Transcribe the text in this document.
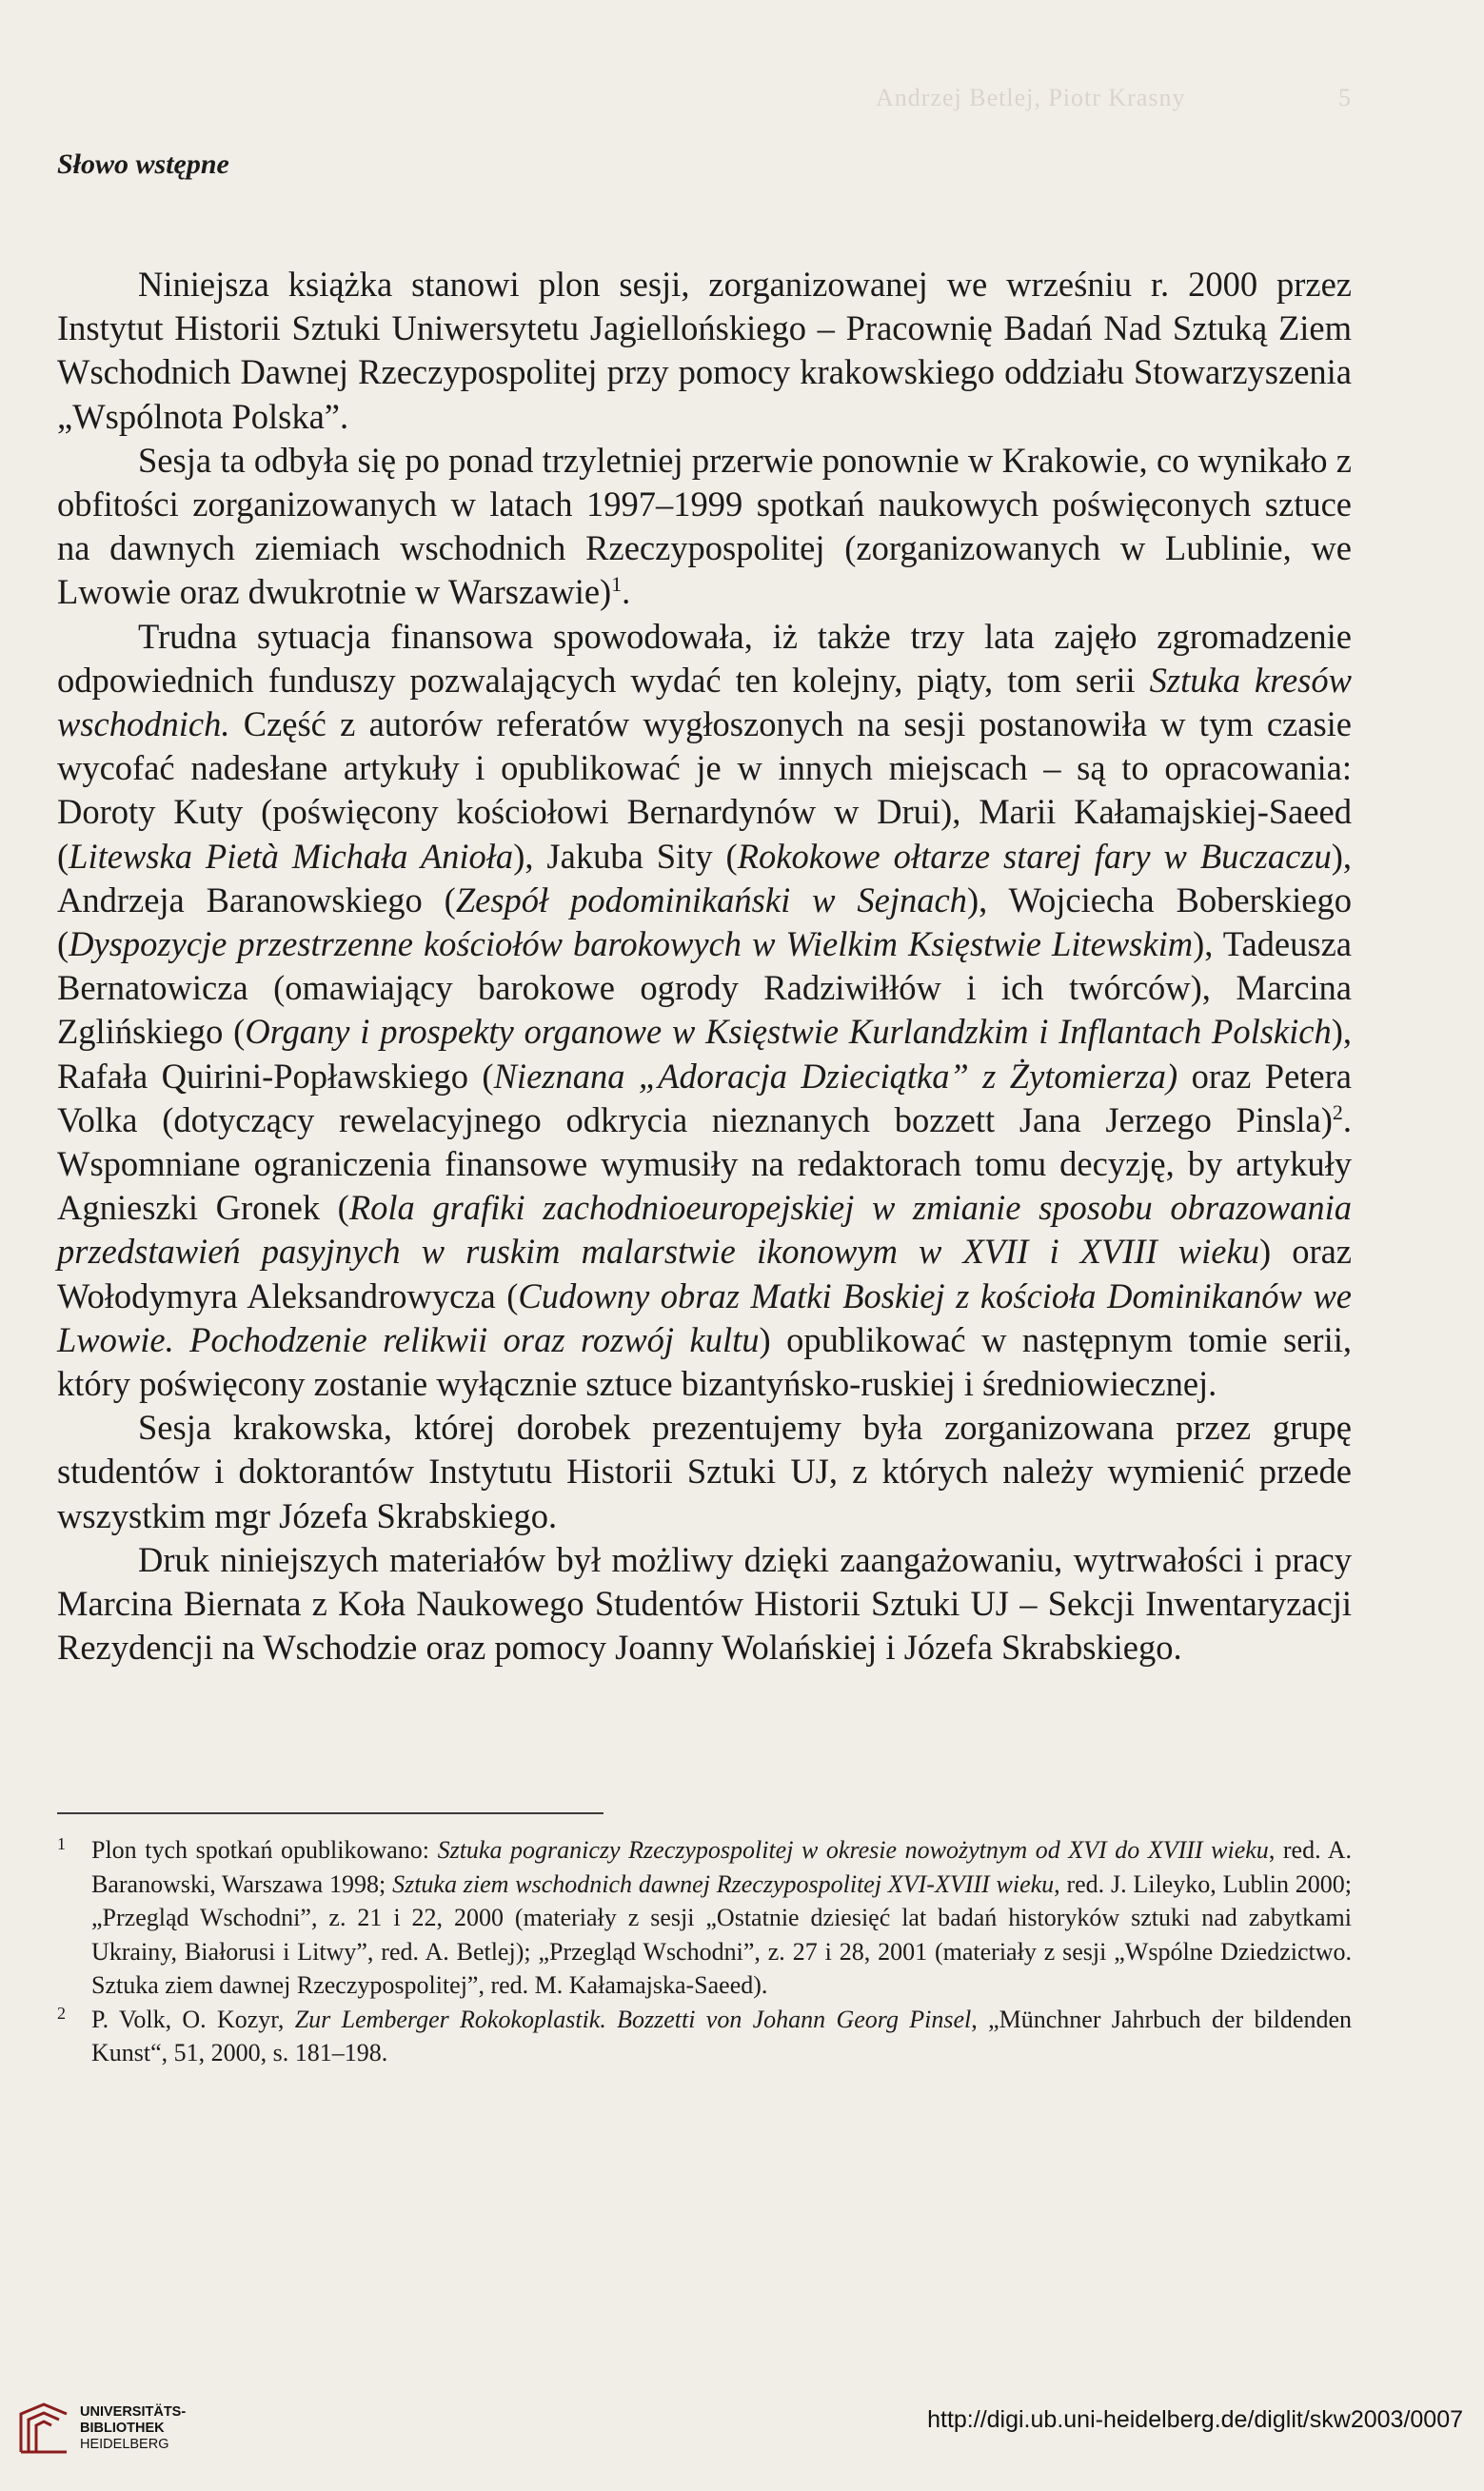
Andrzej Betlej, Piotr Krasny	5
Słowo wstępne

Niniejsza książka stanowi plon sesji, zorganizowanej we wrześniu r. 2000 przez Instytut Historii Sztuki Uniwersytetu Jagiellońskiego – Pracownię Badań Nad Sztuką Ziem Wschodnich Dawnej Rzeczypospolitej przy pomocy krakowskiego oddziału Stowarzyszenia „Wspólnota Polska”.

Sesja ta odbyła się po ponad trzyletniej przerwie ponownie w Krakowie, co wynikało z obfitości zorganizowanych w latach 1997–1999 spotkań naukowych poświęconych sztuce na dawnych ziemiach wschodnich Rzeczypospolitej (zorganizowanych w Lublinie, we Lwowie oraz dwukrotnie w Warszawie)$^1$.

Trudna sytuacja finansowa spowodowała, iż także trzy lata zajęło zgromadzenie odpowiednich funduszy pozwalających wydać ten kolejny, piąty, tom serii Sztuka kresów wschodnich. Część z autorów referatów wygłoszonych na sesji postanowiła w tym czasie wycofać nadesłane artykuły i opublikować je w innych miejscach – są to opracowania: Doroty Kuty (poświęcony kościołowi Bernardynów w Drui), Marii Kałamajskiej-Saeed (Litewska Pietà Michała Anioła), Jakuba Sity (Rokokowe ołtarze starej fary w Buczaczu), Andrzeja Baranowskiego (Zespół podominikański w Sejnach), Wojciecha Boberskiego (Dyspozycje przestrzenne kościołów barokowych w Wielkim Księstwie Litewskim), Tadeusza Bernatowicza (omawiający barokowe ogrody Radziwiłłów i ich twórców), Marcina Zglińskiego (Organy i prospekty organowe w Księstwie Kurlandzkim i Inflantach Polskich), Rafała Quirini-Popławskiego (Nieznana „Adoracja Dzieciątka” z Żytomierza) oraz Petera Volka (dotyczący rewelacyjnego odkrycia nieznanych bozzett Jana Jerzego Pinsla)$^2$. Wspomniane ograniczenia finansowe wymusiły na redaktorach tomu decyzję, by artykuły Agnieszki Gronek (Rola grafiki zachodnioeuropejskiej w zmianie sposobu obrazowania przedstawień pasyjnych w ruskim malarstwie ikonowym w XVII i XVIII wieku) oraz Wołodymyra Aleksandrowycza (Cudowny obraz Matki Boskiej z kościoła Dominikanów we Lwowie. Pochodzenie relikwii oraz rozwój kultu) opublikować w następnym tomie serii, który poświęcony zostanie wyłącznie sztuce bizantyńsko-ruskiej i średniowiecznej.

Sesja krakowska, której dorobek prezentujemy była zorganizowana przez grupę studentów i doktorantów Instytutu Historii Sztuki UJ, z których należy wymienić przede wszystkim mgr Józefa Skrabskiego.

Druk niniejszych materiałów był możliwy dzięki zaangażowaniu, wytrwałości i pracy Marcina Biernata z Koła Naukowego Studentów Historii Sztuki UJ – Sekcji Inwentaryzacji Rezydencji na Wschodzie oraz pomocy Joanny Wolańskiej i Józefa Skrabskiego.

1 Plon tych spotkań opublikowano: Sztuka pograniczy Rzeczypospolitej w okresie nowożytnym od XVI do XVIII wieku, red. A. Baranowski, Warszawa 1998; Sztuka ziem wschodnich dawnej Rzeczypospolitej XVI-XVIII wieku, red. J. Lileyko, Lublin 2000; „Przegląd Wschodni”, z. 21 i 22, 2000 (materiały z sesji „Ostatnie dziesięć lat badań historyków sztuki nad zabytkami Ukrainy, Białorusi i Litwy”, red. A. Betlej); „Przegląd Wschodni”, z. 27 i 28, 2001 (materiały z sesji „Wspólne Dziedzictwo. Sztuka ziem dawnej Rzeczypospolitej”, red. M. Kałamajska-Saeed).
2 P. Volk, O. Kozyr, Zur Lemberger Rokokoplastik. Bozzetti von Johann Georg Pinsel, „Münchner Jahrbuch der bildenden Kunst“, 51, 2000, s. 181–198.
UNIVERSITÄTS-
BIBLIOTHEK
HEIDELBERG
http://digi.ub.uni-heidelberg.de/diglit/skw2003/0007
